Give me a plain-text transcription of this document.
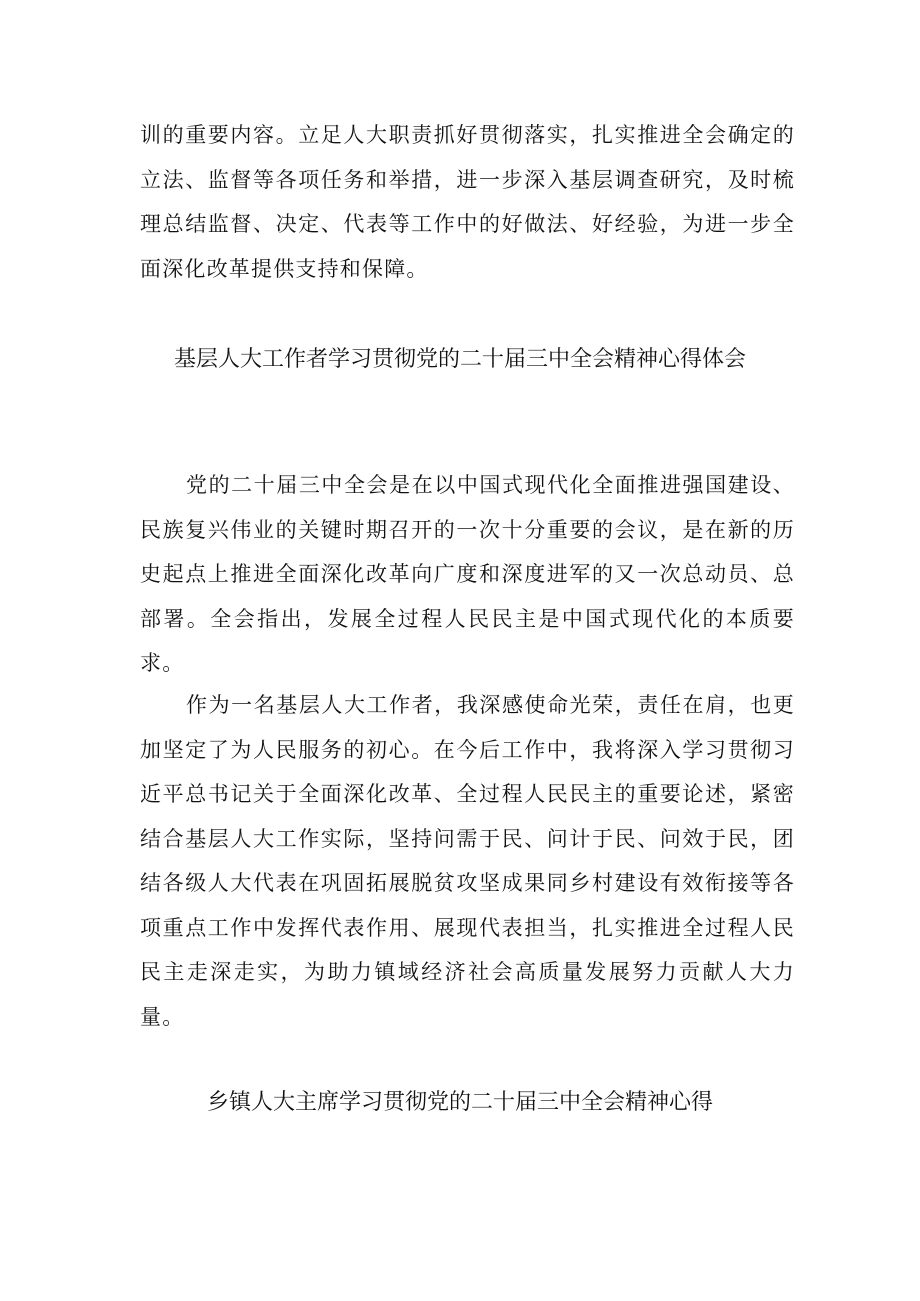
训的重要内容。立足人大职责抓好贯彻落实，扎实推进全会确定的立法、监督等各项任务和举措，进一步深入基层调查研究，及时梳理总结监督、决定、代表等工作中的好做法、好经验，为进一步全面深化改革提供支持和保障。

基层人大工作者学习贯彻党的二十届三中全会精神心得体会

党的二十届三中全会是在以中国式现代化全面推进强国建设、民族复兴伟业的关键时期召开的一次十分重要的会议，是在新的历史起点上推进全面深化改革向广度和深度进军的又一次总动员、总部署。全会指出，发展全过程人民民主是中国式现代化的本质要求。

作为一名基层人大工作者，我深感使命光荣，责任在肩，也更加坚定了为人民服务的初心。在今后工作中，我将深入学习贯彻习近平总书记关于全面深化改革、全过程人民民主的重要论述，紧密结合基层人大工作实际，坚持问需于民、问计于民、问效于民，团结各级人大代表在巩固拓展脱贫攻坚成果同乡村建设有效衔接等各项重点工作中发挥代表作用、展现代表担当，扎实推进全过程人民民主走深走实，为助力镇域经济社会高质量发展努力贡献人大力量。

乡镇人大主席学习贯彻党的二十届三中全会精神心得
